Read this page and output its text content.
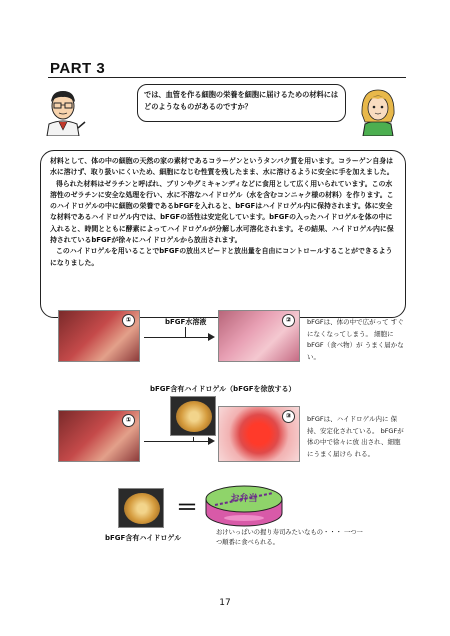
PART 3
では、血管を作る細胞の栄養を細胞に届けるための材料にはどのようなものがあるのですか？

材料として、体の中の細胞の天然の家の素材であるコラーゲンというタンパク質を用います。コラーゲン自身は水に溶けず、取り扱いにくいため、細胞になじむ性質を残したまま、水に溶けるように安全に手を加えました。

得られた材料はゼラチンと呼ばれ、プリンやグミキャンディなどに食用として広く用いられています。この水溶性のゼラチンに安全な処理を行い、水に不溶なハイドロゲル（水を含むコンニャク様の材料）を作ります。このハイドロゲルの中に細胞の栄養であるbFGFを入れると、bFGFはハイドロゲル内に保持されます。体に安全な材料であるハイドロゲル内では、bFGFの活性は安定化しています。bFGFの入ったハイドロゲルを体の中に入れると、時間とともに酵素によってハイドロゲルが分解し水可溶化されます。その結果、ハイドロゲル内に保持されているbFGFが徐々にハイドロゲルから放出されます。

このハイドロゲルを用いることでbFGFの放出スピードと放出量を自由にコントロールすることができるようになりました。

①	bFGF水溶液	②	bFGFは、体の中で広がって すぐになくなってしまう。 細胞にbFGF（食べ物）が うまく届かない。
bFGF含有ハイドロゲル（bFGFを徐放する）
①	③	bFGFは、ハイドロゲル内に 保持、安定化されている。 bFGFが体の中で徐々に放 出され、細胞にうまく届けら れる。
＝	お弁当
bFGF含有ハイドロゲル
おけいっぱいの握り寿司みたいなもの・・・ 一つ一つ順番に食べられる。
17
